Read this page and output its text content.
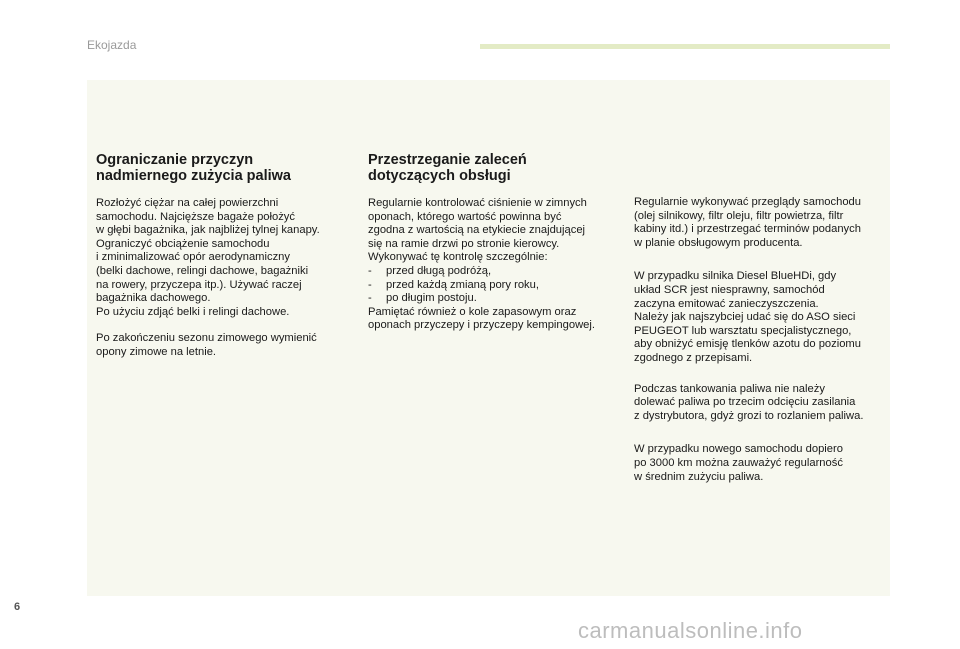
Ekojazda
Ograniczanie przyczyn
nadmiernego zużycia paliwa

Rozłożyć ciężar na całej powierzchni
samochodu. Najcięższe bagaże położyć
w głębi bagażnika, jak najbliżej tylnej kanapy.
Ograniczyć obciążenie samochodu
i zminimalizować opór aerodynamiczny
(belki dachowe, relingi dachowe, bagażniki
na rowery, przyczepa itp.). Używać raczej
bagażnika dachowego.
Po użyciu zdjąć belki i relingi dachowe.

Po zakończeniu sezonu zimowego wymienić
opony zimowe na letnie.

Przestrzeganie zaleceń
dotyczących obsługi

Regularnie kontrolować ciśnienie w zimnych
oponach, którego wartość powinna być
zgodna z wartością na etykiecie znajdującej
się na ramie drzwi po stronie kierowcy.
Wykonywać tę kontrolę szczególnie:

- przed długą podróżą,
- przed każdą zmianą pory roku,
- po długim postoju.

Pamiętać również o kole zapasowym oraz
oponach przyczepy i przyczepy kempingowej.

Regularnie wykonywać przeglądy samochodu
(olej silnikowy, filtr oleju, filtr powietrza, filtr
kabiny itd.) i przestrzegać terminów podanych
w planie obsługowym producenta.

W przypadku silnika Diesel BlueHDi, gdy
układ SCR jest niesprawny, samochód
zaczyna emitować zanieczyszczenia.
Należy jak najszybciej udać się do ASO sieci
PEUGEOT lub warsztatu specjalistycznego,
aby obniżyć emisję tlenków azotu do poziomu
zgodnego z przepisami.

Podczas tankowania paliwa nie należy
dolewać paliwa po trzecim odcięciu zasilania
z dystrybutora, gdyż grozi to rozlaniem paliwa.

W przypadku nowego samochodu dopiero
po 3000 km można zauważyć regularność
w średnim zużyciu paliwa.

6
carmanualsonline.info
